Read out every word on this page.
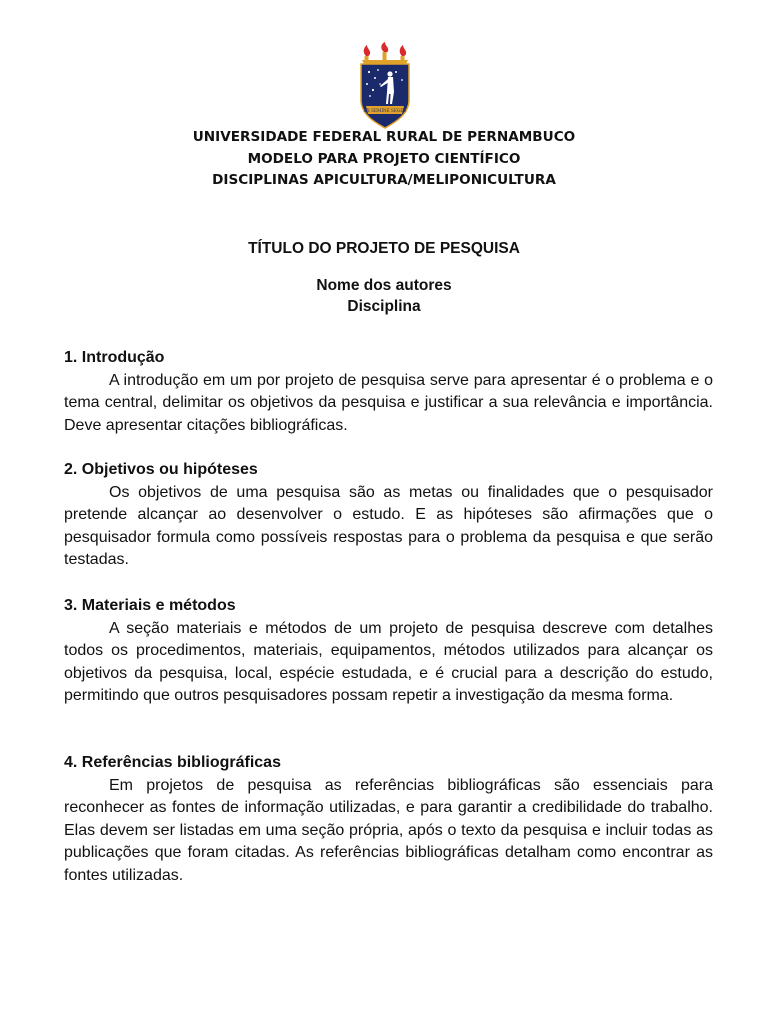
EX SEMINE SEGES
UNIVERSIDADE FEDERAL RURAL DE PERNAMBUCO
MODELO PARA PROJETO CIENTÍFICO
DISCIPLINAS APICULTURA/MELIPONICULTURA
TÍTULO DO PROJETO DE PESQUISA
Nome dos autores
Disciplina
1. Introdução

A introdução em um por projeto de pesquisa serve para apresentar é o problema e o tema central, delimitar os objetivos da pesquisa e justificar a sua relevância e importância. Deve apresentar citações bibliográficas.

2. Objetivos ou hipóteses

Os objetivos de uma pesquisa são as metas ou finalidades que o pesquisador pretende alcançar ao desenvolver o estudo. E as hipóteses são afirmações que o pesquisador formula como possíveis respostas para o problema da pesquisa e que serão testadas.

3. Materiais e métodos

A seção materiais e métodos de um projeto de pesquisa descreve com detalhes todos os procedimentos, materiais, equipamentos, métodos utilizados para alcançar os objetivos da pesquisa, local, espécie estudada, e é crucial para a descrição do estudo, permitindo que outros pesquisadores possam repetir a investigação da mesma forma.

4. Referências bibliográficas

Em projetos de pesquisa as referências bibliográficas são essenciais para reconhecer as fontes de informação utilizadas, e para garantir a credibilidade do trabalho. Elas devem ser listadas em uma seção própria, após o texto da pesquisa e incluir todas as publicações que foram citadas. As referências bibliográficas detalham como encontrar as fontes utilizadas.
